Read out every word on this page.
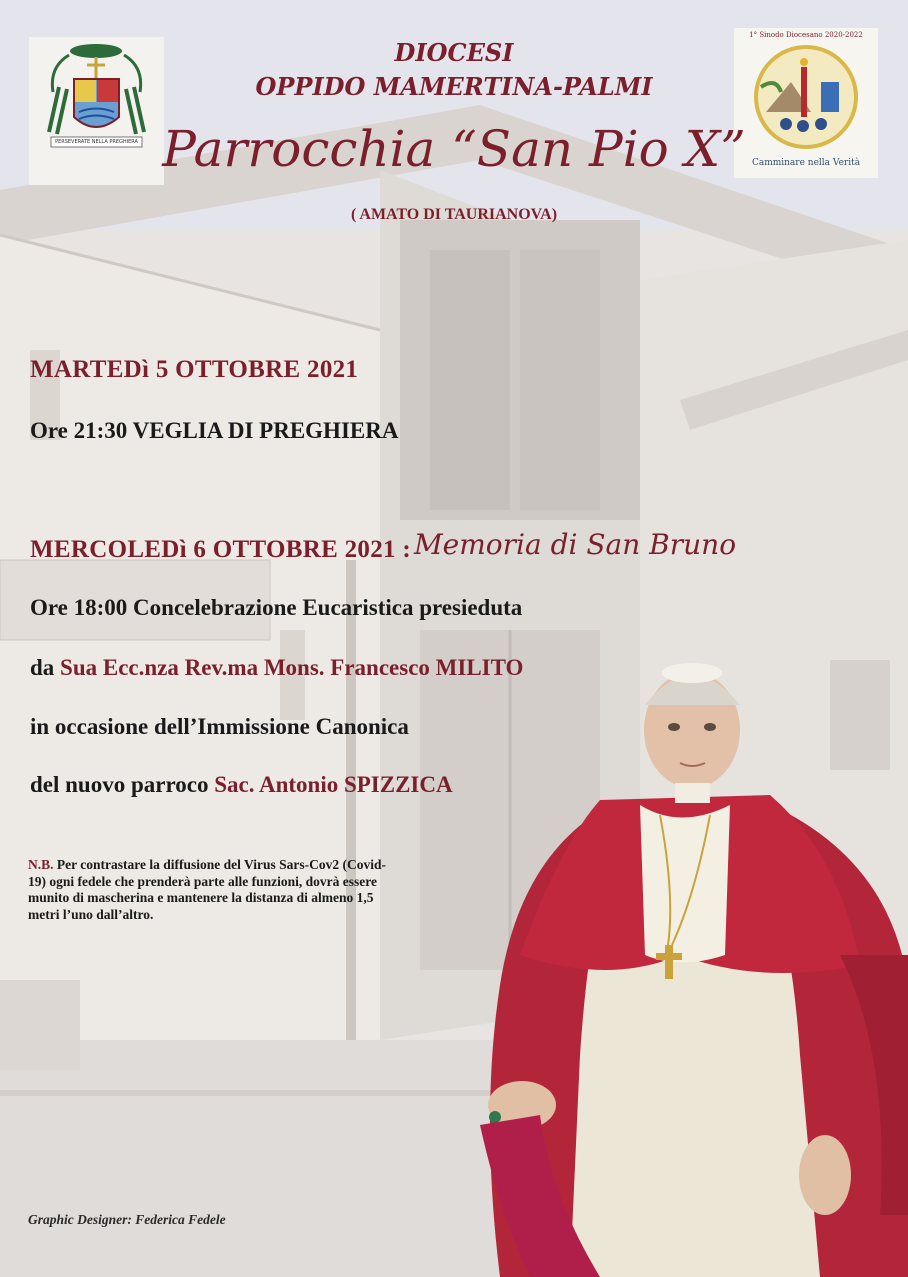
PERSEVERATE NELLA PREGHIERA
1° Sinodo Diocesano 2020-2022
Camminare nella Verità
DIOCESI
OPPIDO MAMERTINA-PALMI
Parrocchia “San Pio X”
( AMATO DI TAURIANOVA)
MARTEDì 5 OTTOBRE 2021
Ore 21:30 VEGLIA DI PREGHIERA
MERCOLEDì 6 OTTOBRE 2021 : Memoria di San Bruno
Ore 18:00 Concelebrazione Eucaristica presieduta
da Sua Ecc.nza Rev.ma Mons. Francesco MILITO
in occasione dell’Immissione Canonica
del nuovo parroco Sac. Antonio SPIZZICA
N.B. Per contrastare la diffusione del Virus Sars-Cov2 (Covid-19) ogni fedele che prenderà parte alle funzioni, dovrà essere munito di mascherina e mantenere la distanza di almeno 1,5 metri l’uno dall’altro.
Graphic Designer: Federica Fedele
